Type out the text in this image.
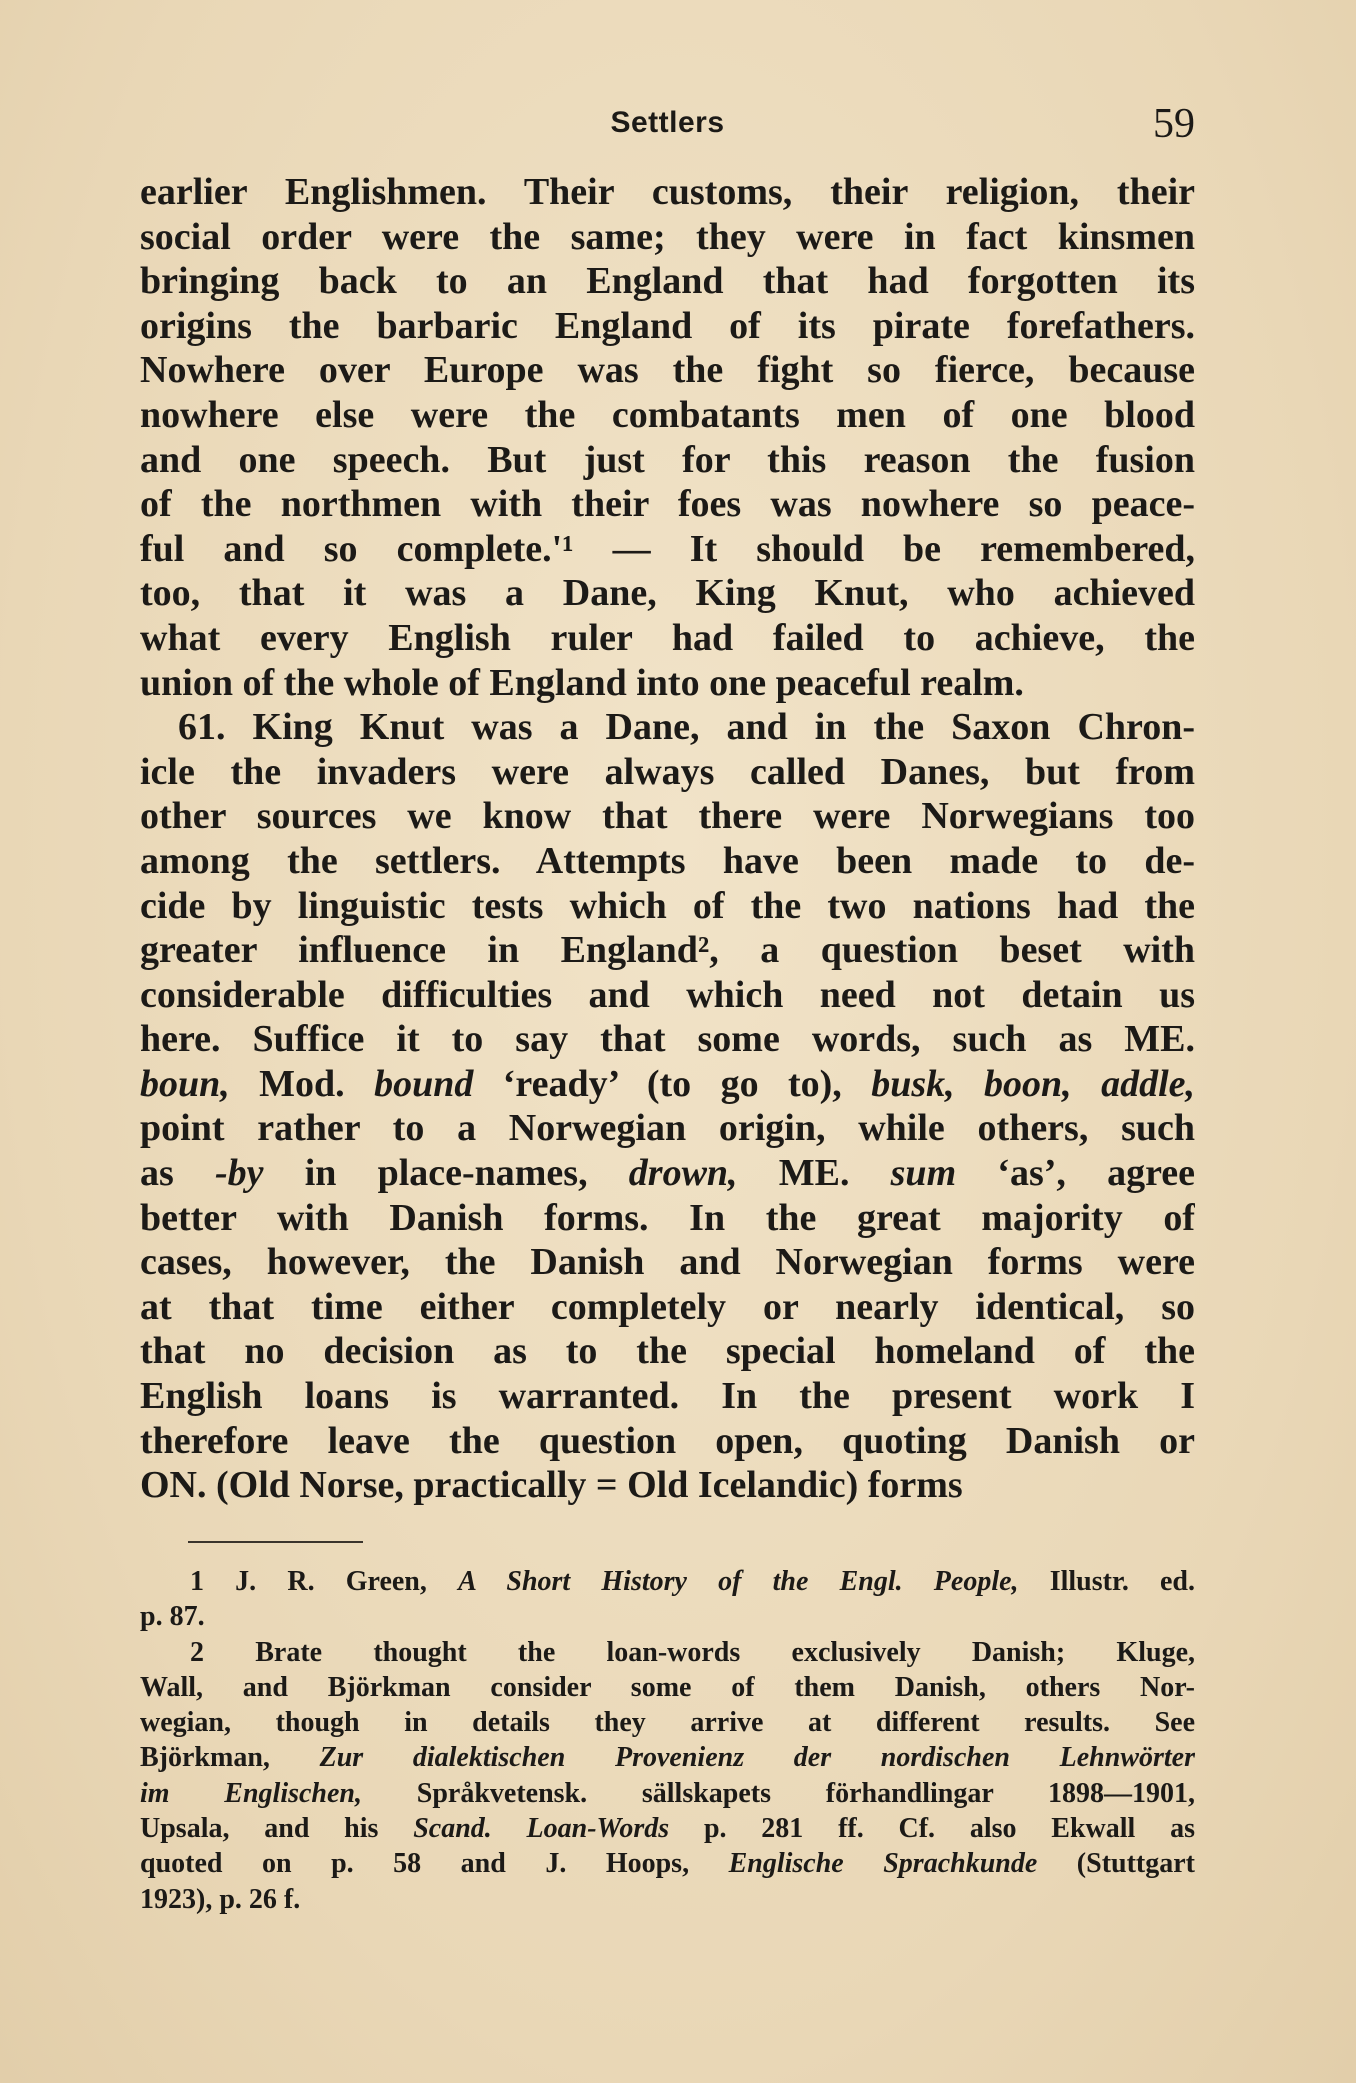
Settlers	59
earlier Englishmen. Their customs, their religion, their
social order were the same; they were in fact kinsmen
bringing back to an England that had forgotten its
origins the barbaric England of its pirate forefathers.
Nowhere over Europe was the fight so fierce, because
nowhere else were the combatants men of one blood
and one speech. But just for this reason the fusion
of the northmen with their foes was nowhere so peace-
ful and so complete.'¹ — It should be remembered,
too, that it was a Dane, King Knut, who achieved
what every English ruler had failed to achieve, the
union of the whole of England into one peaceful realm.
61. King Knut was a Dane, and in the Saxon Chron-
icle the invaders were always called Danes, but from
other sources we know that there were Norwegians too
among the settlers. Attempts have been made to de-
cide by linguistic tests which of the two nations had the
greater influence in England², a question beset with
considerable difficulties and which need not detain us
here. Suffice it to say that some words, such as ME.
boun, Mod. bound ‘ready’ (to go to), busk, boon, addle,
point rather to a Norwegian origin, while others, such
as -by in place-names, drown, ME. sum ‘as’, agree
better with Danish forms. In the great majority of
cases, however, the Danish and Norwegian forms were
at that time either completely or nearly identical, so
that no decision as to the special homeland of the
English loans is warranted. In the present work I
therefore leave the question open, quoting Danish or
ON. (Old Norse, practically = Old Icelandic) forms
1 J. R. Green, A Short History of the Engl. People, Illustr. ed.
p. 87.
2 Brate thought the loan-words exclusively Danish; Kluge,
Wall, and Björkman consider some of them Danish, others Nor-
wegian, though in details they arrive at different results. See
Björkman, Zur dialektischen Provenienz der nordischen Lehnwörter
im Englischen, Språkvetensk. sällskapets förhandlingar 1898—1901,
Upsala, and his Scand. Loan-Words p. 281 ff. Cf. also Ekwall as
quoted on p. 58 and J. Hoops, Englische Sprachkunde (Stuttgart
1923), p. 26 f.
